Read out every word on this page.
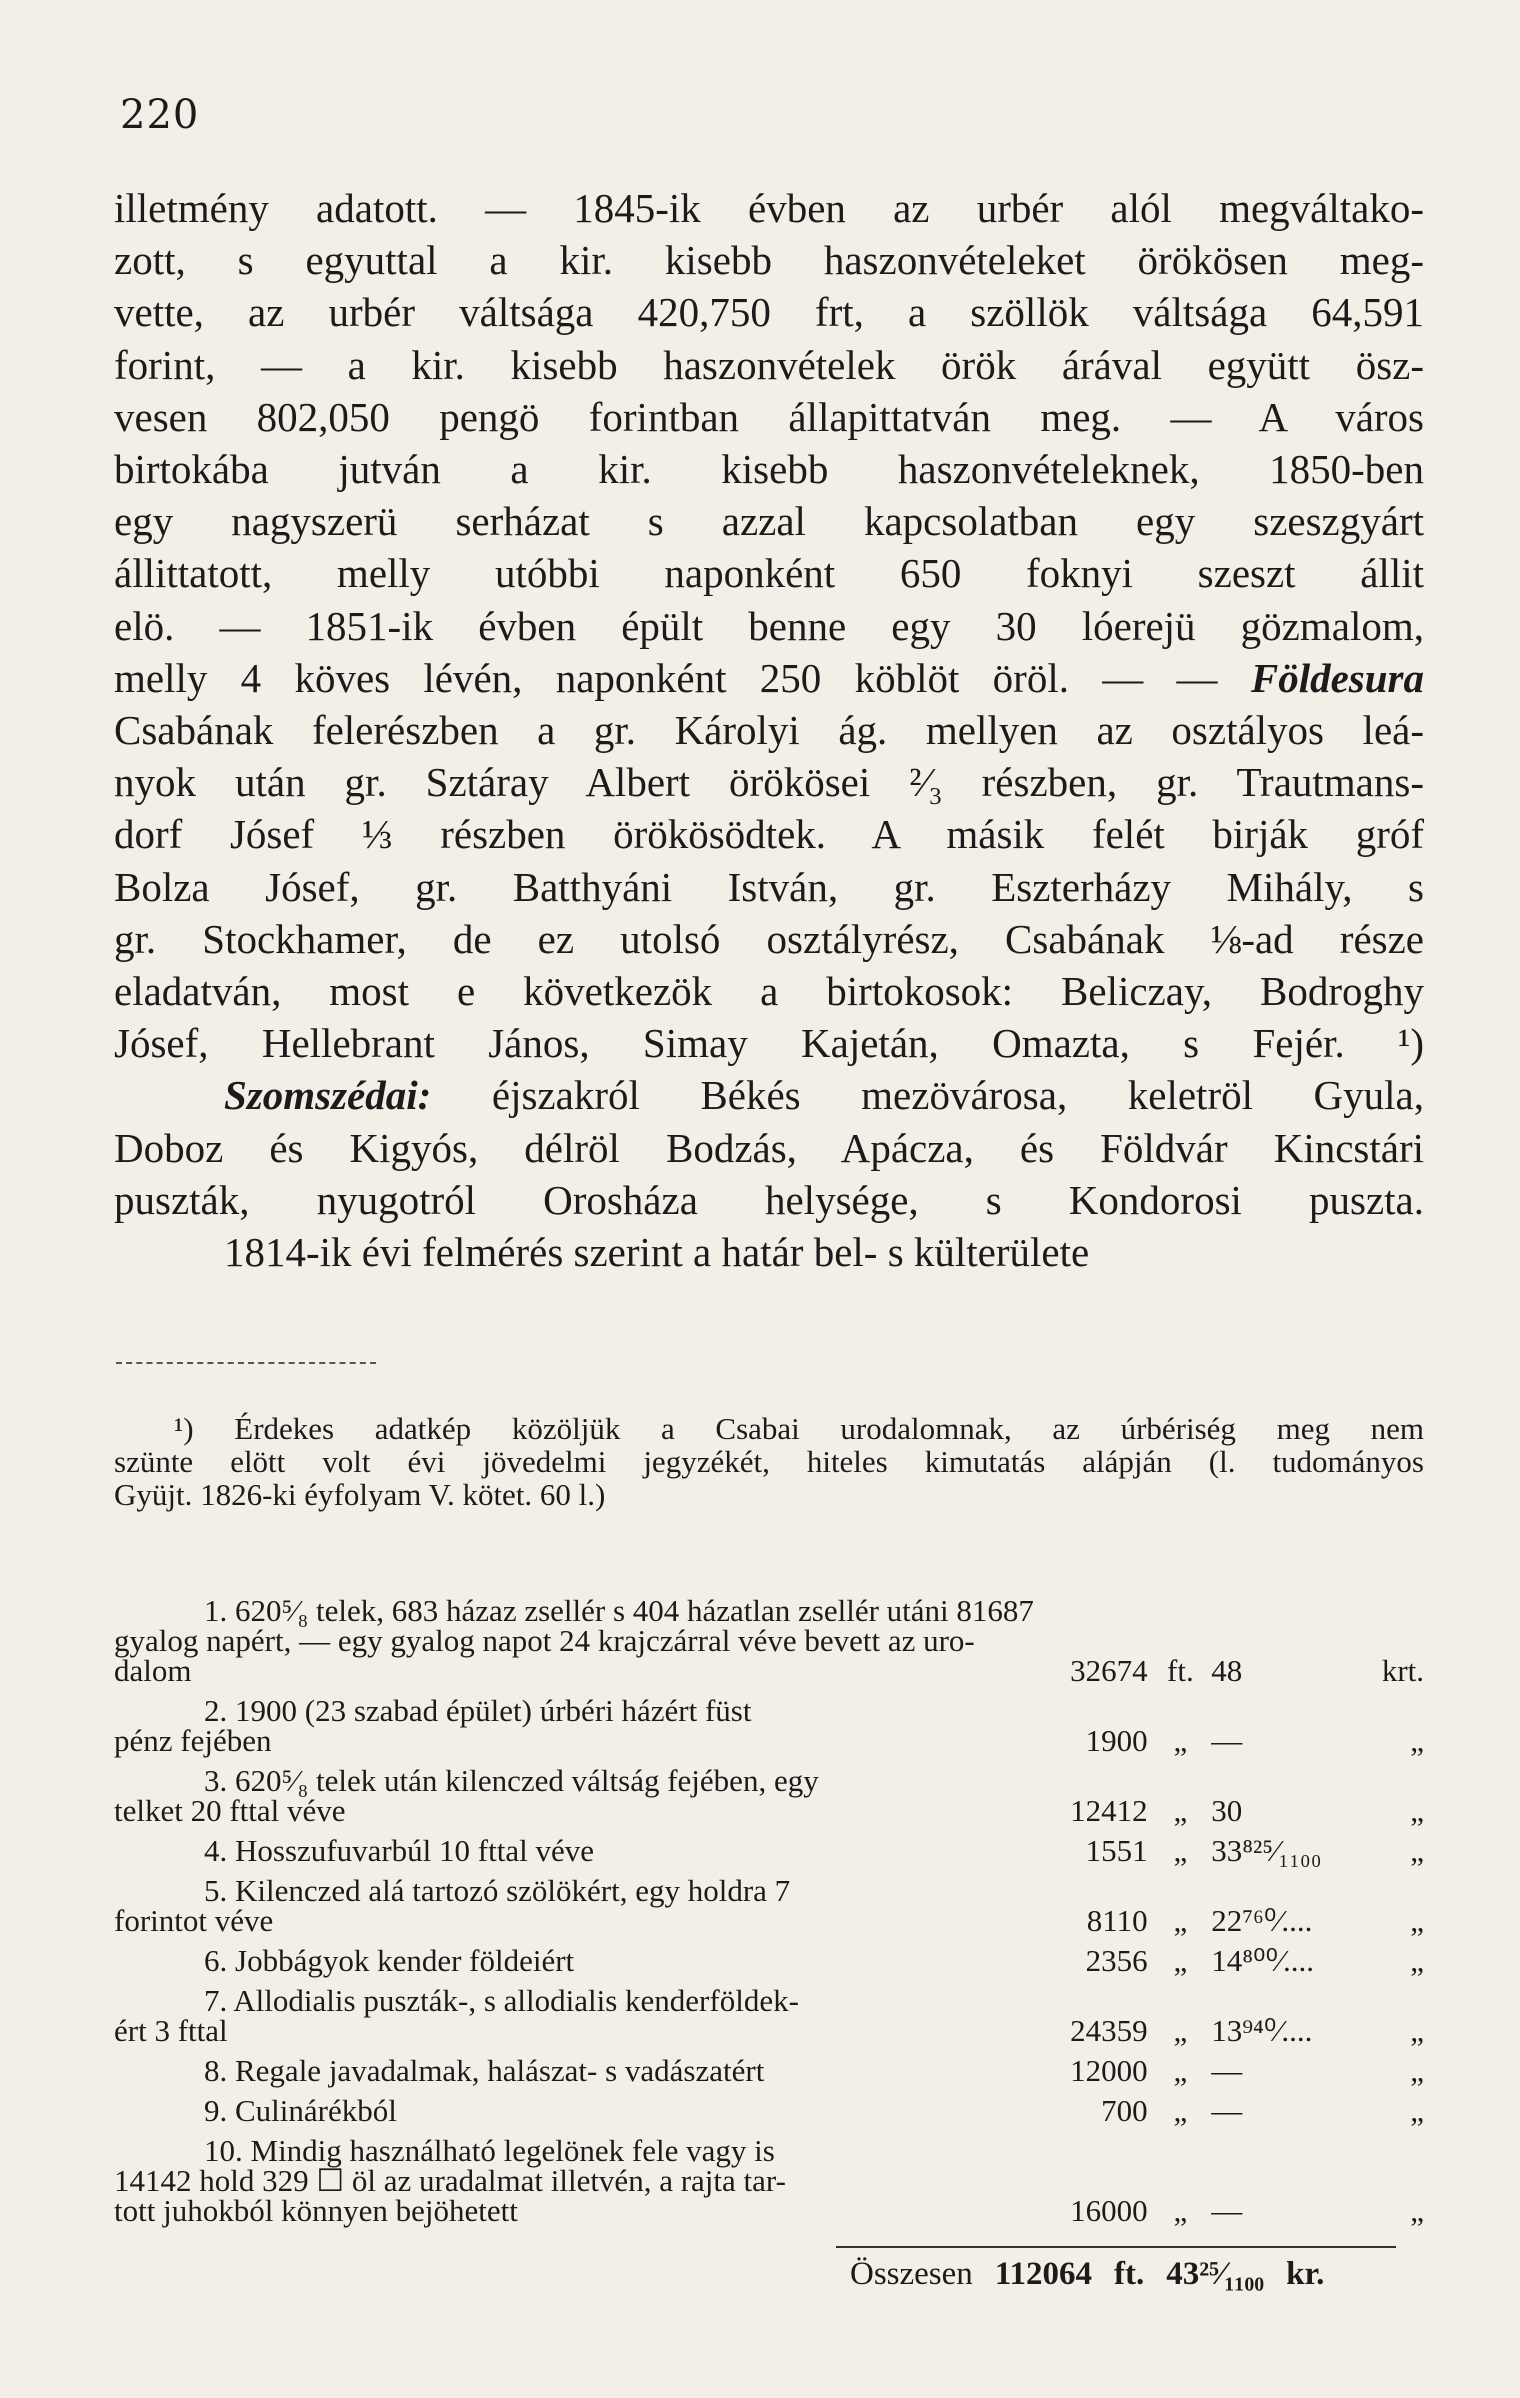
220
illetmény adatott. — 1845-ik évben az urbér alól megváltako-
zott, s egyuttal a kir. kisebb haszonvételeket örökösen meg-
vette, az urbér váltsága 420,750 frt, a szöllök váltsága 64,591
forint, — a kir. kisebb haszonvételek örök árával együtt ösz-
vesen 802,050 pengö forintban állapittatván meg. — A város
birtokába jutván a kir. kisebb haszonvételeknek, 1850-ben
egy nagyszerü serházat s azzal kapcsolatban egy szeszgyárt
állittatott, melly utóbbi naponként 650 foknyi szeszt állit
elö. — 1851-ik évben épült benne egy 30 lóerejü gözmalom,
melly 4 köves lévén, naponként 250 köblöt öröl. — — Földesura
Csabának felerészben a gr. Károlyi ág. mellyen az osztályos leá-
nyok után gr. Sztáray Albert örökösei ²⁄₃ részben, gr. Trautmans-
dorf Jósef ⅓ részben örökösödtek. A másik felét birják gróf
Bolza Jósef, gr. Batthyáni István, gr. Eszterházy Mihály, s
gr. Stockhamer, de ez utolsó osztályrész, Csabának ⅛-ad része
eladatván, most e következök a birtokosok: Beliczay, Bodroghy
Jósef, Hellebrant János, Simay Kajetán, Omazta, s Fejér. ¹)
Szomszédai: éjszakról Békés mezövárosa, keletröl Gyula,
Doboz és Kigyós, délröl Bodzás, Apácza, és Földvár Kincstári
puszták, nyugotról Orosháza helysége, s Kondorosi puszta.
1814-ik évi felmérés szerint a határ bel- s külterülete
¹) Érdekes adatkép közöljük a Csabai urodalomnak, az úrbériség meg nem
szünte elött volt évi jövedelmi jegyzékét, hiteles kimutatás alápján (l. tudományos
Gyüjt. 1826-ki éyfolyam V. kötet. 60 l.)
1. 620⁵⁄₈ telek, 683 házaz zsellér s 404 házatlan zsellér utáni 81687
gyalog napért, — egy gyalog napot 24 krajczárral véve bevett az uro-
dalom	32674	ft.	48	krt.

2. 1900 (23 szabad épület) úrbéri házért füst
pénz fejében	1900	„	—	„

3. 620⁵⁄₈ telek után kilenczed váltság fejében, egy
telket 20 fttal véve	12412	„	30	„

4. Hosszufuvarbúl 10 fttal véve	1551	„	33⁸²⁵⁄₁₁₀₀	„

5. Kilenczed alá tartozó szölökért, egy holdra 7
forintot véve	8110	„	22⁷⁶⁰⁄....	„

6. Jobbágyok kender földeiért	2356	„	14⁸⁰⁰⁄....	„

7. Allodialis puszták-, s allodialis kenderföldek-
ért 3 fttal	24359	„	13⁹⁴⁰⁄....	„

8. Regale javadalmak, halászat- s vadászatért	12000	„	—	„

9. Culinárékból	700	„	—	„

10. Mindig használható legelönek fele vagy is
14142 hold 329 ☐ öl az uradalmat illetvén, a rajta tar-
tott juhokból könnyen bejöhetett	16000	„	—	„
Összesen 112064 ft. 43²⁵⁄₁₁₀₀ kr.
